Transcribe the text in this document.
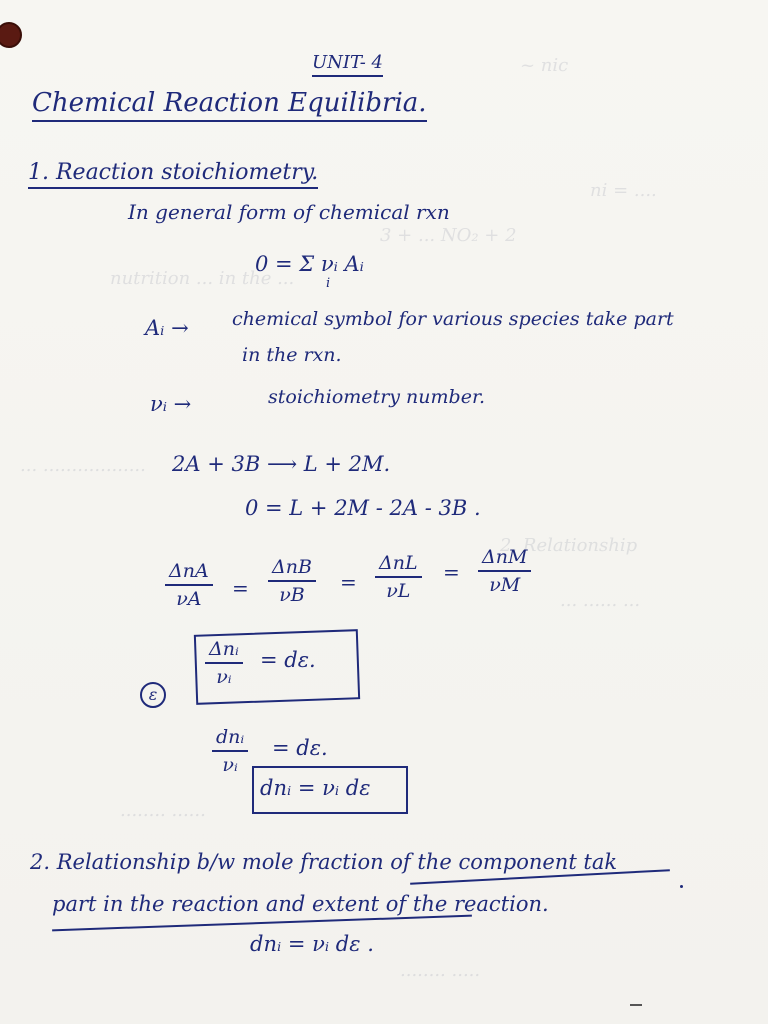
~ nic
ni = ....
3 + ... NO₂ + 2
nutrition ... in the ...
... ..................
2. Relationship
... ...... ...
........ ......
........ .....
UNIT- 4
Chemical Reaction Equilibria.
1. Reaction stoichiometry.
In general form of chemical rxn
0 = Σ νᵢ Aᵢ
i
Aᵢ → chemical symbol for various species take part
in the rxn.
νᵢ →	stoichiometry number.
2A + 3B ⟶ L + 2M.
0 = L + 2M - 2A - 3B .
ΔnA
νA	=
ΔnB
νB
=
ΔnL
νL
=
ΔnM
νM
Δnᵢ
νᵢ
= dε.
ε
dnᵢ
νᵢ
= dε.
dnᵢ = νᵢ dε
2. Relationship b/w mole fraction of the component tak
part in the reaction and extent of the reaction.
dnᵢ = νᵢ dε .
